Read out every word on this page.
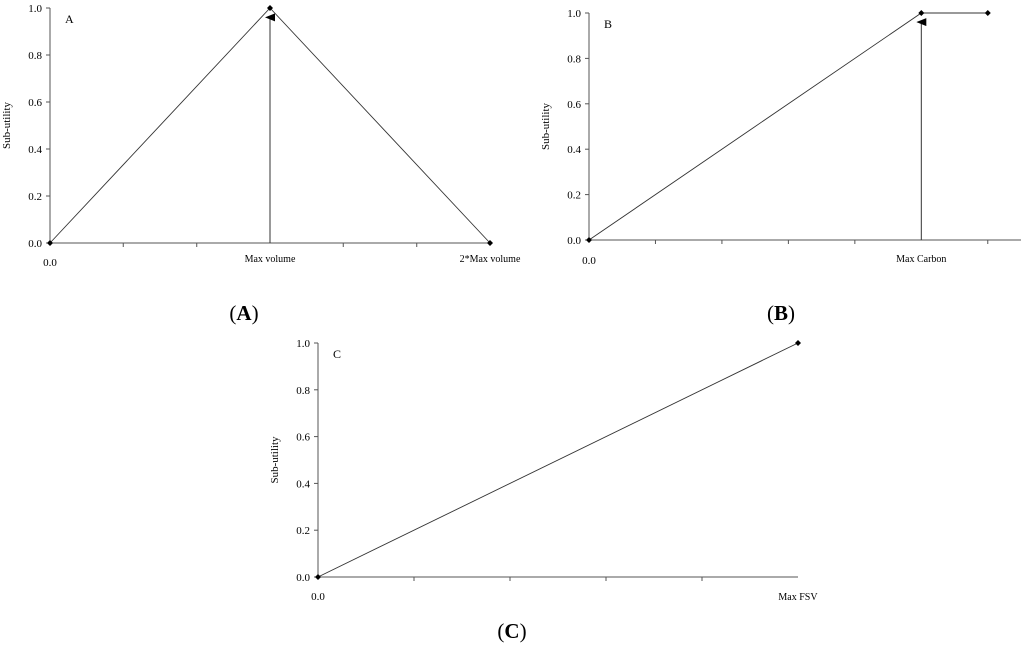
0.0
0.2
0.4
0.6
0.8
1.0
0.0	Max volume	2*Max volume
Sub-utility
A
0.0
0.2
0.4
0.6
0.8
1.0
0.0	Max Carbon
Sub-utility
B
0.0
0.2
0.4
0.6
0.8
1.0
0.0	Max FSV
Sub-utility
C
(A)	(B)
(C)
